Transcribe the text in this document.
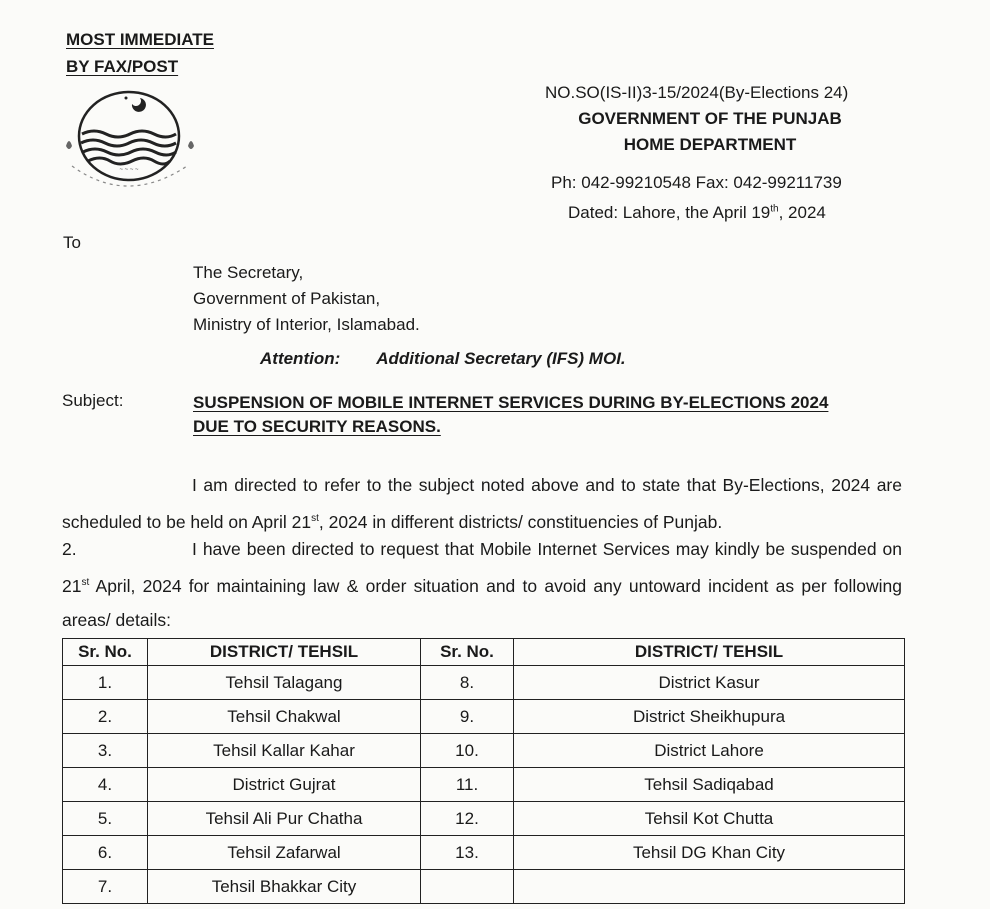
MOST IMMEDIATE
BY FAX/POST
~ ~ ~ ~
NO.SO(IS-II)3-15/2024(By-Elections 24)
GOVERNMENT OF THE PUNJAB
HOME DEPARTMENT
Ph: 042-99210548 Fax: 042-99211739
Dated: Lahore, the April 19th, 2024
To
The Secretary,
Government of Pakistan,
Ministry of Interior, Islamabad.
Attention: Additional Secretary (IFS) MOI.
Subject:	SUSPENSION OF MOBILE INTERNET SERVICES DURING BY-ELECTIONS 2024
DUE TO SECURITY REASONS.
I am directed to refer to the subject noted above and to state that By-Elections, 2024 are scheduled to be held on April 21st, 2024 in different districts/ constituencies of Punjab.
2.	I have been directed to request that Mobile Internet Services may kindly be suspended on 21st April, 2024 for maintaining law & order situation and to avoid any untoward incident as per following areas/ details:
Sr. No.	DISTRICT/ TEHSIL	Sr. No.	DISTRICT/ TEHSIL
1.	Tehsil Talagang	8.	District Kasur
2.	Tehsil Chakwal	9.	District Sheikhupura
3.	Tehsil Kallar Kahar	10.	District Lahore
4.	District Gujrat	11.	Tehsil Sadiqabad
5.	Tehsil Ali Pur Chatha	12.	Tehsil Kot Chutta
6.	Tehsil Zafarwal	13.	Tehsil DG Khan City
7.	Tehsil Bhakkar City		
